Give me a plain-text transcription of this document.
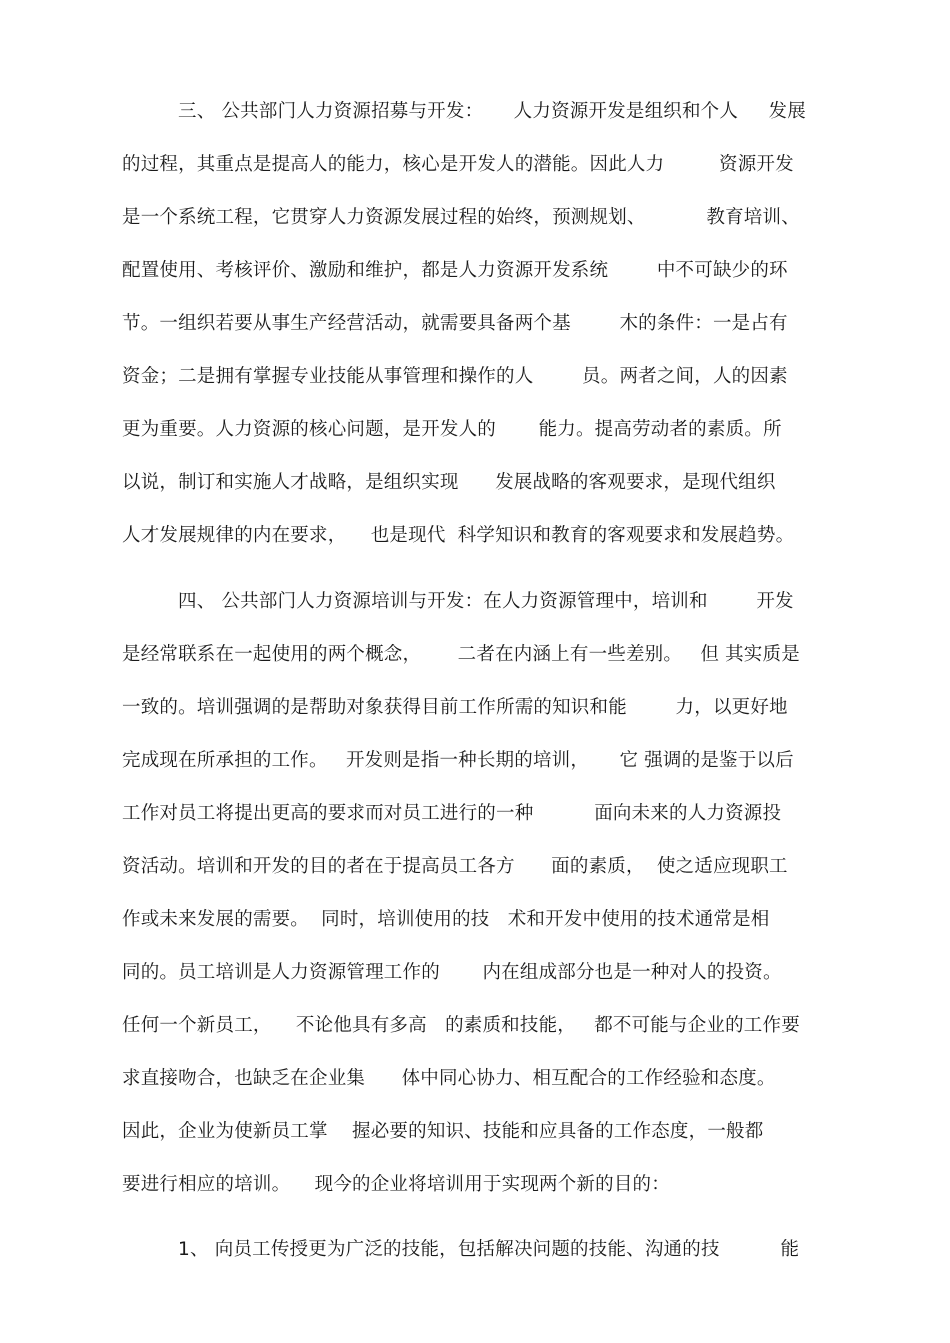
三、 公共部门人力资源招募与开发：     人力资源开发是组织和个人     发展
的过程，其重点是提高人的能力，核心是开发人的潜能。因此人力         资源开发
是一个系统工程，它贯穿人力资源发展过程的始终，预测规划、          教育培训、
配置使用、考核评价、激励和维护，都是人力资源开发系统        中不可缺少的环
节。一组织若要从事生产经营活动，就需要具备两个基        木的条件：一是占有
资金；二是拥有掌握专业技能从事管理和操作的人        员。两者之间，人的因素
更为重要。人力资源的核心问题，是开发人的       能力。提高劳动者的素质。所
以说，制订和实施人才战略，是组织实现      发展战略的客观要求，是现代组织
人才发展规律的内在要求，    也是现代  科学知识和教育的客观要求和发展趋势。
四、 公共部门人力资源培训与开发：在人力资源管理中，培训和        开发
是经常联系在一起使用的两个概念，      二者在内涵上有一些差别。   但 其实质是
一致的。培训强调的是帮助对象获得目前工作所需的知识和能        力，以更好地
完成现在所承担的工作。   开发则是指一种长期的培训，     它 强调的是鉴于以后
工作对员工将提出更高的要求而对员工进行的一种          面向未来的人力资源投
资活动。培训和开发的目的者在于提高员工各方      面的素质，  使之适应现职工
作或未来发展的需要。  同时，培训使用的技   术和开发中使用的技术通常是相
同的。员工培训是人力资源管理工作的       内在组成部分也是一种对人的投资。
任何一个新员工，    不论他具有多高   的素质和技能，   都不可能与企业的工作要
求直接吻合，也缺乏在企业集      体中同心协力、相互配合的工作经验和态度。
因此，企业为使新员工掌    握必要的知识、技能和应具备的工作态度，一般都
要进行相应的培训。    现今的企业将培训用于实现两个新的目的：
1、 向员工传授更为广泛的技能，包括解决问题的技能、沟通的技          能
